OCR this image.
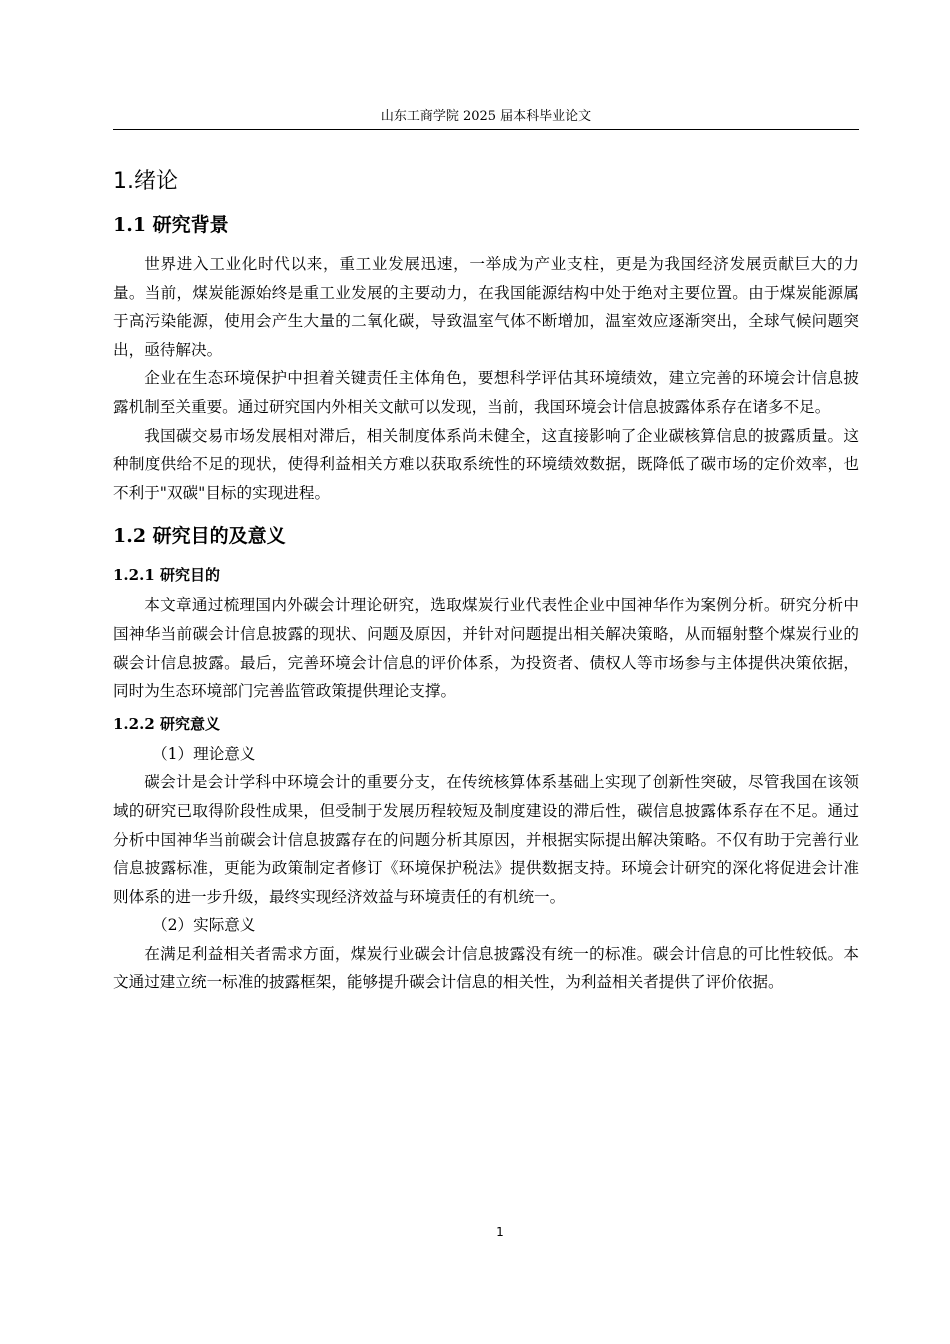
山东工商学院 2025 届本科毕业论文
1.绪论
1.1 研究背景

世界进入工业化时代以来，重工业发展迅速，一举成为产业支柱，更是为我国经济发展贡献巨大的力量。当前，煤炭能源始终是重工业发展的主要动力，在我国能源结构中处于绝对主要位置。由于煤炭能源属于高污染能源，使用会产生大量的二氧化碳，导致温室气体不断增加，温室效应逐渐突出，全球气候问题突出，亟待解决。

企业在生态环境保护中担着关键责任主体角色，要想科学评估其环境绩效，建立完善的环境会计信息披露机制至关重要。通过研究国内外相关文献可以发现，当前，我国环境会计信息披露体系存在诸多不足。

我国碳交易市场发展相对滞后，相关制度体系尚未健全，这直接影响了企业碳核算信息的披露质量。这种制度供给不足的现状，使得利益相关方难以获取系统性的环境绩效数据，既降低了碳市场的定价效率，也不利于"双碳"目标的实现进程。

1.2 研究目的及意义
1.2.1 研究目的

本文章通过梳理国内外碳会计理论研究，选取煤炭行业代表性企业中国神华作为案例分析。研究分析中国神华当前碳会计信息披露的现状、问题及原因，并针对问题提出相关解决策略，从而辐射整个煤炭行业的碳会计信息披露。最后，完善环境会计信息的评价体系，为投资者、债权人等市场参与主体提供决策依据，同时为生态环境部门完善监管政策提供理论支撑。

1.2.2 研究意义

（1）理论意义

碳会计是会计学科中环境会计的重要分支，在传统核算体系基础上实现了创新性突破，尽管我国在该领域的研究已取得阶段性成果，但受制于发展历程较短及制度建设的滞后性，碳信息披露体系存在不足。通过分析中国神华当前碳会计信息披露存在的问题分析其原因，并根据实际提出解决策略。不仅有助于完善行业信息披露标准，更能为政策制定者修订《环境保护税法》提供数据支持。环境会计研究的深化将促进会计准则体系的进一步升级，最终实现经济效益与环境责任的有机统一。

（2）实际意义

在满足利益相关者需求方面，煤炭行业碳会计信息披露没有统一的标准。碳会计信息的可比性较低。本文通过建立统一标准的披露框架，能够提升碳会计信息的相关性，为利益相关者提供了评价依据。

1
